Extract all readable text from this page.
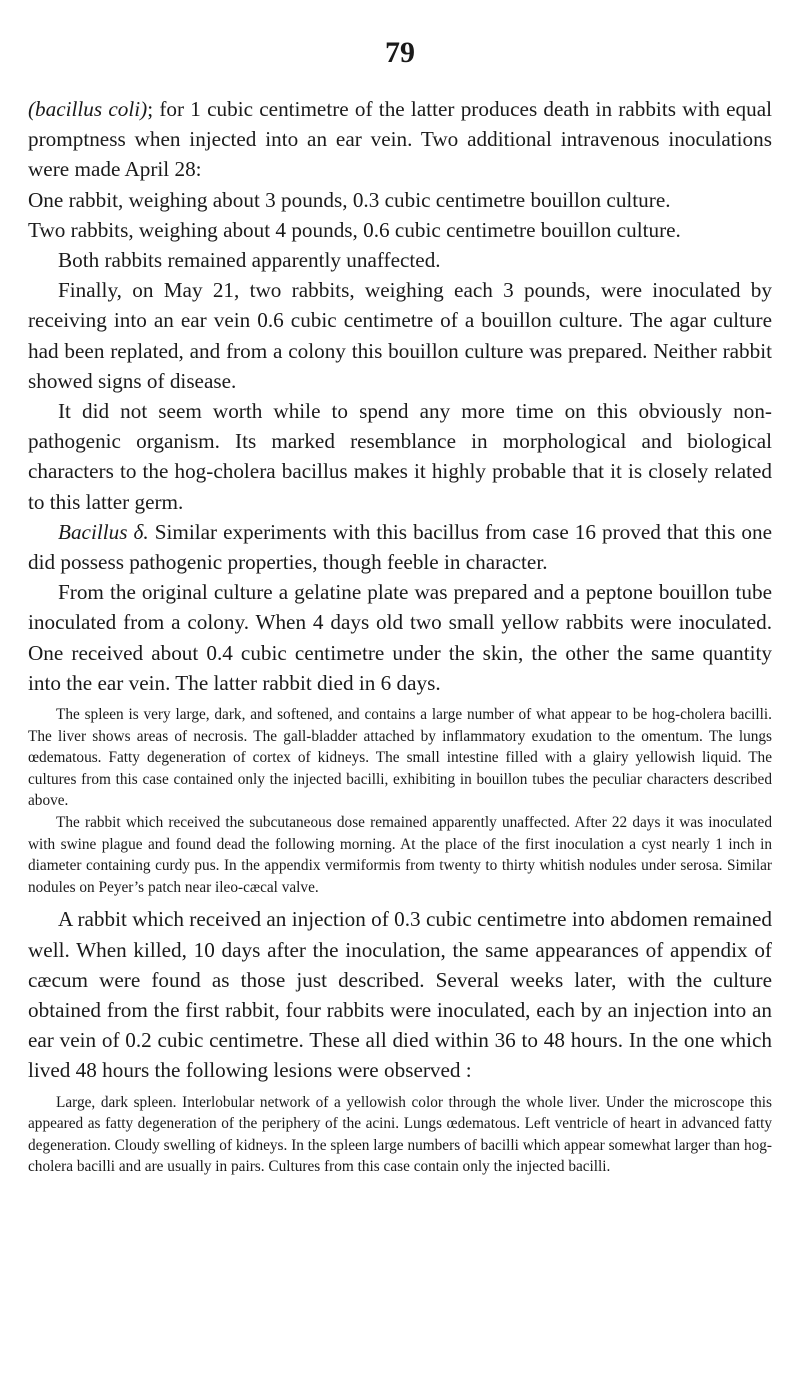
79

(bacillus coli); for 1 cubic centimetre of the latter produces death in rabbits with equal promptness when injected into an ear vein. Two additional intravenous inoculations were made April 28:

One rabbit, weighing about 3 pounds, 0.3 cubic centimetre bouillon culture.

Two rabbits, weighing about 4 pounds, 0.6 cubic centimetre bouillon culture.

Both rabbits remained apparently unaffected.

Finally, on May 21, two rabbits, weighing each 3 pounds, were inoculated by receiving into an ear vein 0.6 cubic centimetre of a bouillon culture. The agar culture had been replated, and from a colony this bouillon culture was prepared. Neither rabbit showed signs of disease.

It did not seem worth while to spend any more time on this obviously non-pathogenic organism. Its marked resemblance in morphological and biological characters to the hog-cholera bacillus makes it highly probable that it is closely related to this latter germ.

Bacillus δ. Similar experiments with this bacillus from case 16 proved that this one did possess pathogenic properties, though feeble in character.

From the original culture a gelatine plate was prepared and a peptone bouillon tube inoculated from a colony. When 4 days old two small yellow rabbits were inoculated. One received about 0.4 cubic centimetre under the skin, the other the same quantity into the ear vein. The latter rabbit died in 6 days.

The spleen is very large, dark, and softened, and contains a large number of what appear to be hog-cholera bacilli. The liver shows areas of necrosis. The gall-bladder attached by inflammatory exudation to the omentum. The lungs œdematous. Fatty degeneration of cortex of kidneys. The small intestine filled with a glairy yellowish liquid. The cultures from this case contained only the injected bacilli, exhibiting in bouillon tubes the peculiar characters described above.

The rabbit which received the subcutaneous dose remained apparently unaffected. After 22 days it was inoculated with swine plague and found dead the following morning. At the place of the first inoculation a cyst nearly 1 inch in diameter containing curdy pus. In the appendix vermiformis from twenty to thirty whitish nodules under serosa. Similar nodules on Peyer’s patch near ileo-cæcal valve.

A rabbit which received an injection of 0.3 cubic centimetre into abdomen remained well. When killed, 10 days after the inoculation, the same appearances of appendix of cæcum were found as those just described. Several weeks later, with the culture obtained from the first rabbit, four rabbits were inoculated, each by an injection into an ear vein of 0.2 cubic centimetre. These all died within 36 to 48 hours. In the one which lived 48 hours the following lesions were observed :

Large, dark spleen. Interlobular network of a yellowish color through the whole liver. Under the microscope this appeared as fatty degeneration of the periphery of the acini. Lungs œdematous. Left ventricle of heart in advanced fatty degeneration. Cloudy swelling of kidneys. In the spleen large numbers of bacilli which appear somewhat larger than hog-cholera bacilli and are usually in pairs. Cultures from this case contain only the injected bacilli.
